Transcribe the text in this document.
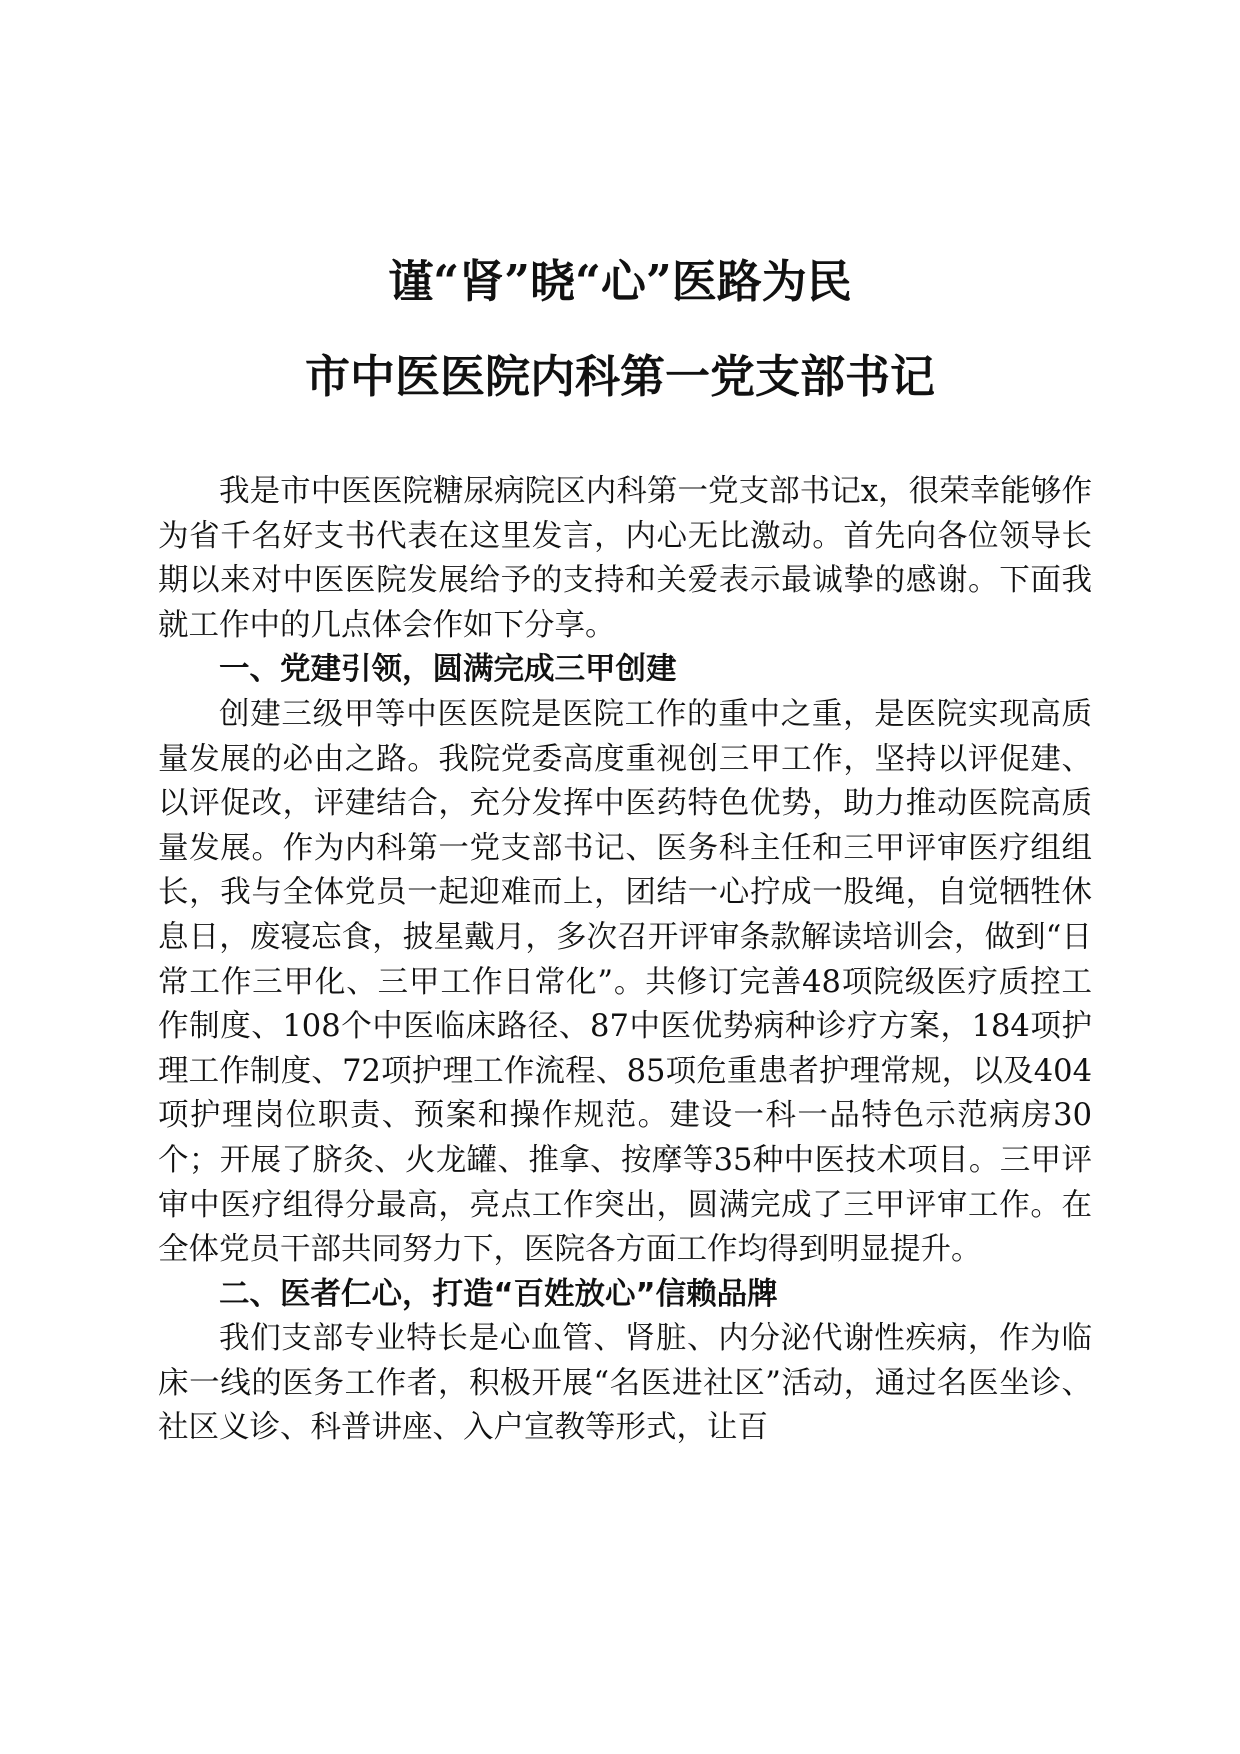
谨“肾”晓“心”医路为民
市中医医院内科第一党支部书记

我是市中医医院糖尿病院区内科第一党支部书记x，很荣幸能够作为省千名好支书代表在这里发言，内心无比激动。首先向各位领导长期以来对中医医院发展给予的支持和关爱表示最诚挚的感谢。下面我就工作中的几点体会作如下分享。

一、党建引领，圆满完成三甲创建

创建三级甲等中医医院是医院工作的重中之重，是医院实现高质量发展的必由之路。我院党委高度重视创三甲工作，坚持以评促建、以评促改，评建结合，充分发挥中医药特色优势，助力推动医院高质量发展。作为内科第一党支部书记、医务科主任和三甲评审医疗组组长，我与全体党员一起迎难而上，团结一心拧成一股绳，自觉牺牲休息日，废寝忘食，披星戴月，多次召开评审条款解读培训会，做到“日常工作三甲化、三甲工作日常化”。共修订完善48项院级医疗质控工作制度、108个中医临床路径、87中医优势病种诊疗方案，184项护理工作制度、72项护理工作流程、85项危重患者护理常规，以及404项护理岗位职责、预案和操作规范。建设一科一品特色示范病房30个；开展了脐灸、火龙罐、推拿、按摩等35种中医技术项目。三甲评审中医疗组得分最高，亮点工作突出，圆满完成了三甲评审工作。在全体党员干部共同努力下，医院各方面工作均得到明显提升。

二、医者仁心，打造“百姓放心”信赖品牌

我们支部专业特长是心血管、肾脏、内分泌代谢性疾病，作为临床一线的医务工作者，积极开展“名医进社区”活动，通过名医坐诊、社区义诊、科普讲座、入户宣教等形式，让百
